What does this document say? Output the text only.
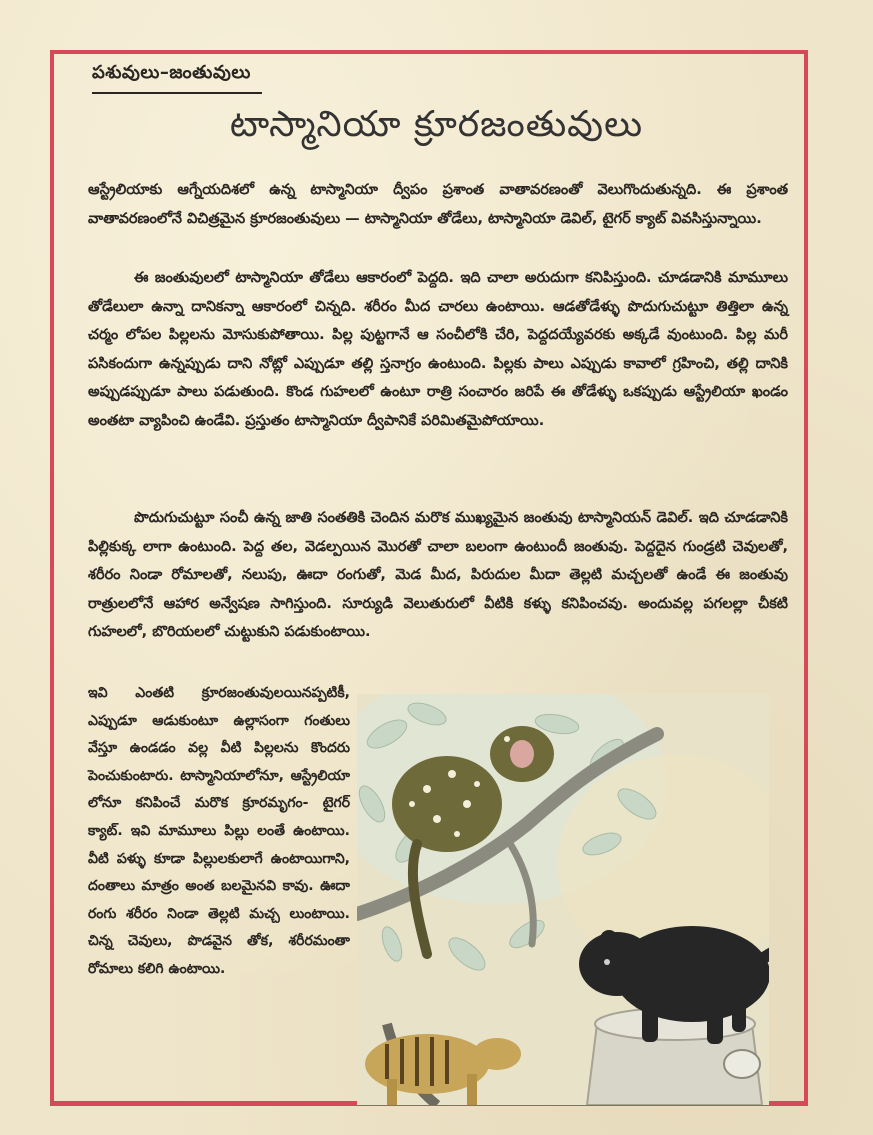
పశువులు–జంతువులు
టాస్మానియా క్రూరజంతువులు

ఆస్ట్రేలియాకు ఆగ్నేయదిశలో ఉన్న టాస్మానియా ద్వీపం ప్రశాంత వాతావరణంతో వెలుగొందుతున్నది. ఈ ప్రశాంత వాతావరణంలోనే విచిత్రమైన క్రూరజంతువులు — టాస్మానియా తోడేలు, టాస్మానియా డెవిల్, టైగర్ క్యాట్ వివసిస్తున్నాయి.

ఈ జంతువులలో టాస్మానియా తోడేలు ఆకారంలో పెద్దది. ఇది చాలా అరుదుగా కనిపిస్తుంది. చూడడానికి మామూలు తోడేలులా ఉన్నా దానికన్నా ఆకారంలో చిన్నది. శరీరం మీద చారలు ఉంటాయి. ఆడతోడేళ్ళు పొదుగుచుట్టూ తిత్తిలా ఉన్న చర్మం లోపల పిల్లలను మోసుకుపోతాయి. పిల్ల పుట్టగానే ఆ సంచీలోకి చేరి, పెద్దదయ్యేవరకు అక్కడే వుంటుంది. పిల్ల మరీ పసికందుగా ఉన్నప్పుడు దాని నోట్లో ఎప్పుడూ తల్లి స్తనాగ్రం ఉంటుంది. పిల్లకు పాలు ఎప్పుడు కావాలో గ్రహించి, తల్లి దానికి అప్పుడప్పుడూ పాలు పడుతుంది. కొండ గుహలలో ఉంటూ రాత్రి సంచారం జరిపే ఈ తోడేళ్ళు ఒకప్పుడు ఆస్ట్రేలియా ఖండం అంతటా వ్యాపించి ఉండేవి. ప్రస్తుతం టాస్మానియా ద్వీపానికే పరిమితమైపోయాయి.

పొదుగుచుట్టూ సంచీ ఉన్న జాతి సంతతికి చెందిన మరొక ముఖ్యమైన జంతువు టాస్మానియన్ డెవిల్. ఇది చూడడానికి పిల్లికుక్క లాగా ఉంటుంది. పెద్ద తల, వెడల్పయిన మొరతో చాలా బలంగా ఉంటుందీ జంతువు. పెద్దదైన గుండ్రటి చెవులతో, శరీరం నిండా రోమాలతో, నలుపు, ఊదా రంగుతో, మెడ మీద, పిరుదుల మీదా తెల్లటి మచ్చలతో ఉండే ఈ జంతువు రాత్రులలోనే ఆహార అన్వేషణ సాగిస్తుంది. సూర్యుడి వెలుతురులో వీటికి కళ్ళు కనిపించవు. అందువల్ల పగలల్లా చీకటి గుహలలో, బొరియలలో చుట్టుకుని పడుకుంటాయి.

ఇవి ఎంతటి క్రూరజంతువులయినప్పటికీ, ఎప్పుడూ ఆడుకుంటూ ఉల్లాసంగా గంతులు వేస్తూ ఉండడం వల్ల వీటి పిల్లలను కొందరు పెంచుకుంటారు. టాస్మానియాలోనూ, ఆస్ట్రేలియా లోనూ కనిపించే మరొక క్రూరమృగం- టైగర్ క్యాట్. ఇవి మామూలు పిల్లు లంతే ఉంటాయి. వీటి పళ్ళు కూడా పిల్లులకులాగే ఉంటాయిగాని, దంతాలు మాత్రం అంత బలమైనవి కావు. ఊదా రంగు శరీరం నిండా తెల్లటి మచ్చ లుంటాయి. చిన్న చెవులు, పొడవైన తోక, శరీరమంతా రోమాలు కలిగి ఉంటాయి.
